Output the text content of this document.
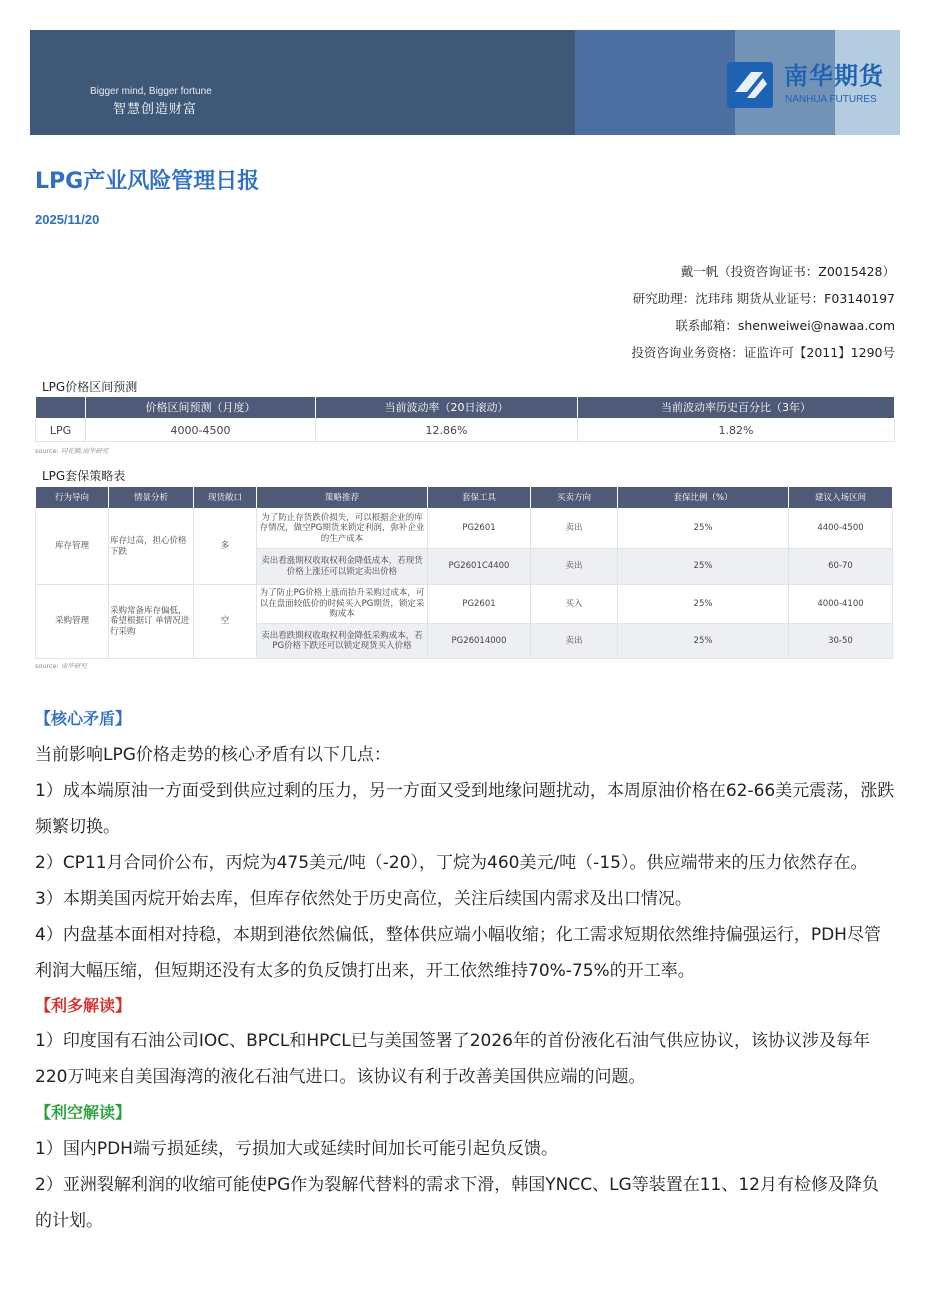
Bigger mind, Bigger fortune
智慧创造财富
南华期货
NANHUA FUTURES
LPG产业风险管理日报
2025/11/20
戴一帆（投资咨询证书：Z0015428）
研究助理：沈玮玮 期货从业证号：F03140197
联系邮箱：shenweiwei@nawaa.com
投资咨询业务资格：证监许可【2011】1290号
LPG价格区间预测
	价格区间预测（月度）	当前波动率（20日滚动）	当前波动率历史百分比（3年）
LPG	4000-4500	12.86%	1.82%
source: 同花顺,南华研究
LPG套保策略表
行为导向	情景分析	现货敞口	策略推荐	套保工具	买卖方向	套保比例（%）	建议入场区间
库存管理	库存过高，担心价格下跌	多	为了防止存货跌价损失，可以根据企业的库存情况，做空PG期货来锁定利润，弥补企业的生产成本	PG2601	卖出	25%	4400-4500
			卖出看涨期权收取权利金降低成本，若现货价格上涨还可以锁定卖出价格	PG2601C4400	卖出	25%	60-70
采购管理	采购常备库存偏低，希望根据订 单情况进行采购	空	为了防止PG价格上涨而抬升采购过成本，可以在盘面较低价的时候买入PG期货，锁定采购成本	PG2601	买入	25%	4000-4100
			卖出看跌期权收取权利金降低采购成本，若PG价格下跌还可以锁定现货买入价格	PG26014000	卖出	25%	30-50
source: 南华研究
【核心矛盾】
当前影响LPG价格走势的核心矛盾有以下几点：
1）成本端原油一方面受到供应过剩的压力，另一方面又受到地缘问题扰动，本周原油价格在62-66美元震荡，涨跌频繁切换。
2）CP11月合同价公布，丙烷为475美元/吨（-20），丁烷为460美元/吨（-15）。供应端带来的压力依然存在。
3）本期美国丙烷开始去库，但库存依然处于历史高位，关注后续国内需求及出口情况。
4）内盘基本面相对持稳，本期到港依然偏低，整体供应端小幅收缩；化工需求短期依然维持偏强运行，PDH尽管利润大幅压缩，但短期还没有太多的负反馈打出来，开工依然维持70%-75%的开工率。
【利多解读】
1）印度国有石油公司IOC、BPCL和HPCL已与美国签署了2026年的首份液化石油气供应协议，该协议涉及每年220万吨来自美国海湾的液化石油气进口。该协议有利于改善美国供应端的问题。
【利空解读】
1）国内PDH端亏损延续，亏损加大或延续时间加长可能引起负反馈。
2）亚洲裂解利润的收缩可能使PG作为裂解代替料的需求下滑，韩国YNCC、LG等装置在11、12月有检修及降负的计划。
